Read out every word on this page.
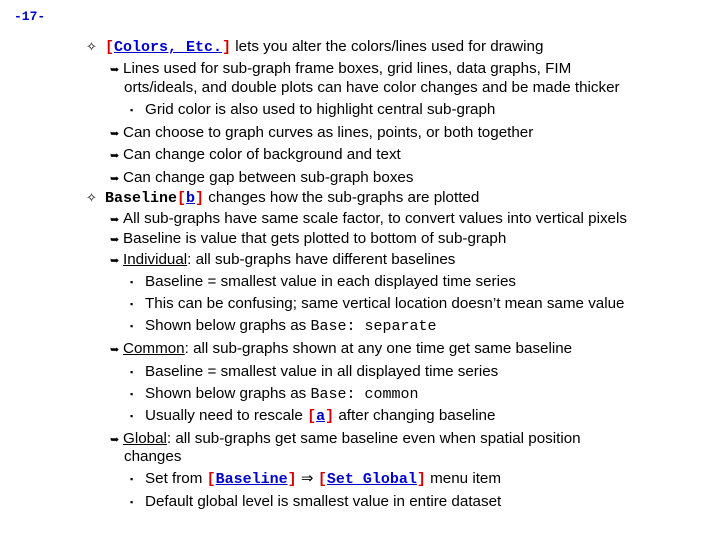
-17-
✧ [Colors, Etc.] lets you alter the colors/lines used for drawing
➥ Lines used for sub-graph frame boxes, grid lines, data graphs, FIM
orts/ideals, and double plots can have color changes and be made thicker
▪ Grid color is also used to highlight central sub-graph
➥ Can choose to graph curves as lines, points, or both together
➥ Can change color of background and text
➥ Can change gap between sub-graph boxes
✧ Baseline[b] changes how the sub-graphs are plotted
➥ All sub-graphs have same scale factor, to convert values into vertical pixels
➥ Baseline is value that gets plotted to bottom of sub-graph
➥ Individual: all sub-graphs have different baselines
▪ Baseline = smallest value in each displayed time series
▪ This can be confusing; same vertical location doesn’t mean same value
▪ Shown below graphs as Base: separate
➥ Common: all sub-graphs shown at any one time get same baseline
▪ Baseline = smallest value in all displayed time series
▪ Shown below graphs as Base: common
▪ Usually need to rescale [a] after changing baseline
➥ Global: all sub-graphs get same baseline even when spatial position
changes
▪ Set from [Baseline] ⇒ [Set Global] menu item
▪ Default global level is smallest value in entire dataset
